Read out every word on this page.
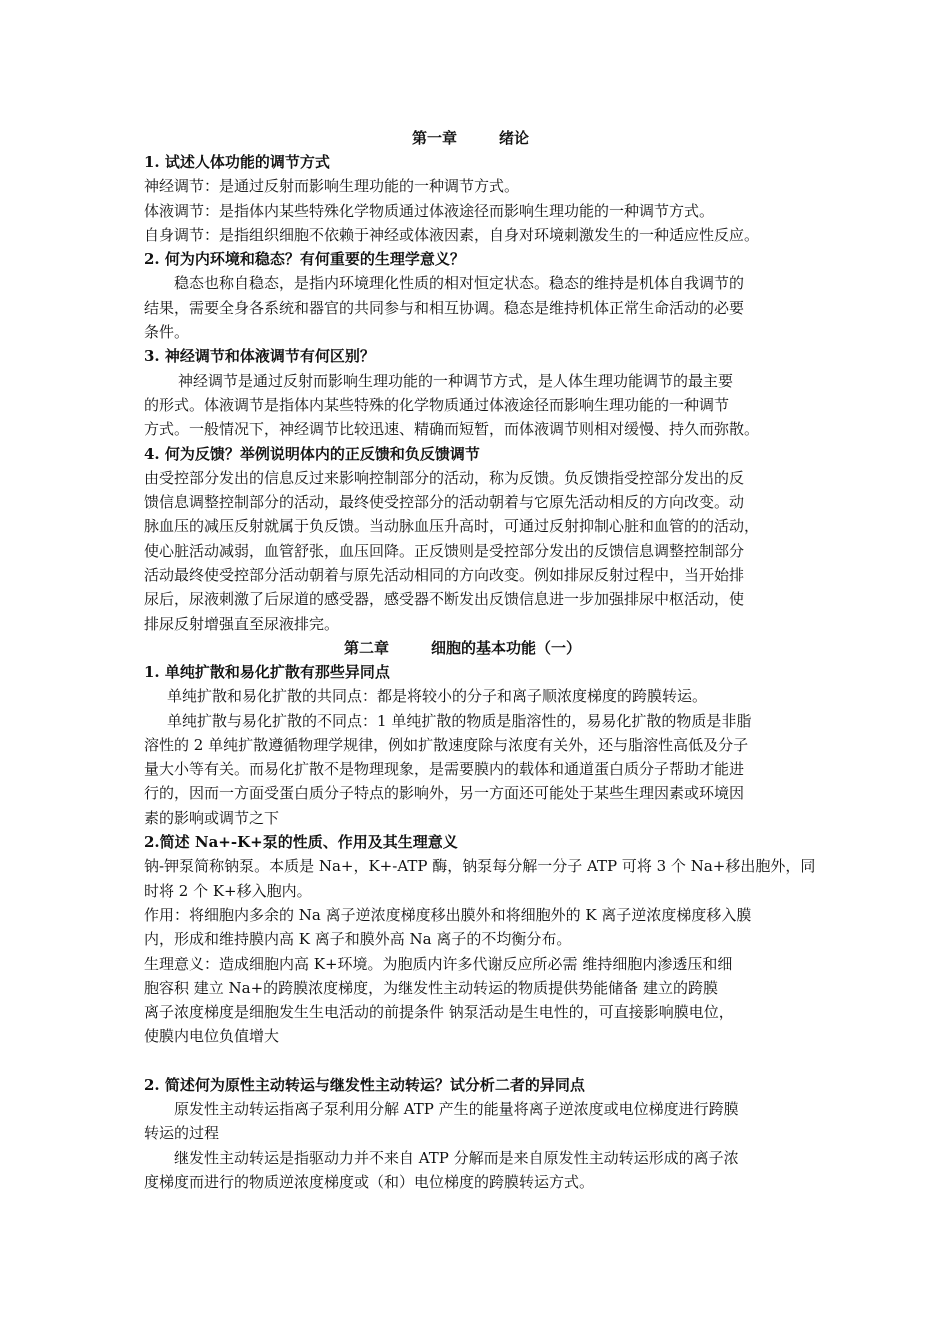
第一章	绪论
1. 试述人体功能的调节方式
神经调节：是通过反射而影响生理功能的一种调节方式。
体液调节：是指体内某些特殊化学物质通过体液途径而影响生理功能的一种调节方式。
自身调节：是指组织细胞不依赖于神经或体液因素，自身对环境刺激发生的一种适应性反应。
2. 何为内环境和稳态？有何重要的生理学意义？
稳态也称自稳态，是指内环境理化性质的相对恒定状态。稳态的维持是机体自我调节的
结果，需要全身各系统和器官的共同参与和相互协调。稳态是维持机体正常生命活动的必要
条件。
3. 神经调节和体液调节有何区别？
神经调节是通过反射而影响生理功能的一种调节方式，是人体生理功能调节的最主要
的形式。体液调节是指体内某些特殊的化学物质通过体液途径而影响生理功能的一种调节
方式。一般情况下，神经调节比较迅速、精确而短暂，而体液调节则相对缓慢、持久而弥散。
4. 何为反馈？举例说明体内的正反馈和负反馈调节
由受控部分发出的信息反过来影响控制部分的活动，称为反馈。负反馈指受控部分发出的反
馈信息调整控制部分的活动，最终使受控部分的活动朝着与它原先活动相反的方向改变。动
脉血压的减压反射就属于负反馈。当动脉血压升高时，可通过反射抑制心脏和血管的的活动，
使心脏活动减弱，血管舒张，血压回降。正反馈则是受控部分发出的反馈信息调整控制部分
活动最终使受控部分活动朝着与原先活动相同的方向改变。例如排尿反射过程中，当开始排
尿后，尿液刺激了后尿道的感受器，感受器不断发出反馈信息进一步加强排尿中枢活动，使
排尿反射增强直至尿液排完。
第二章	细胞的基本功能（一）
1. 单纯扩散和易化扩散有那些异同点
单纯扩散和易化扩散的共同点：都是将较小的分子和离子顺浓度梯度的跨膜转运。
单纯扩散与易化扩散的不同点：1 单纯扩散的物质是脂溶性的，易易化扩散的物质是非脂
溶性的 2 单纯扩散遵循物理学规律，例如扩散速度除与浓度有关外，还与脂溶性高低及分子
量大小等有关。而易化扩散不是物理现象，是需要膜内的载体和通道蛋白质分子帮助才能进
行的，因而一方面受蛋白质分子特点的影响外，另一方面还可能处于某些生理因素或环境因
素的影响或调节之下
2.简述 Na+-K+泵的性质、作用及其生理意义
钠-钾泵简称钠泵。本质是 Na+，K+-ATP 酶，钠泵每分解一分子 ATP 可将 3 个 Na+移出胞外，同
时将 2 个 K+移入胞内。
作用：将细胞内多余的 Na 离子逆浓度梯度移出膜外和将细胞外的 K 离子逆浓度梯度移入膜
内，形成和维持膜内高 K 离子和膜外高 Na 离子的不均衡分布。
生理意义：造成细胞内高 K+环境。为胞质内许多代谢反应所必需 维持细胞内渗透压和细
胞容积 建立 Na+的跨膜浓度梯度，为继发性主动转运的物质提供势能储备 建立的跨膜
离子浓度梯度是细胞发生生电活动的前提条件 钠泵活动是生电性的，可直接影响膜电位，
使膜内电位负值增大
2. 简述何为原性主动转运与继发性主动转运？试分析二者的异同点
原发性主动转运指离子泵利用分解 ATP 产生的能量将离子逆浓度或电位梯度进行跨膜
转运的过程
继发性主动转运是指驱动力并不来自 ATP 分解而是来自原发性主动转运形成的离子浓
度梯度而进行的物质逆浓度梯度或（和）电位梯度的跨膜转运方式。
